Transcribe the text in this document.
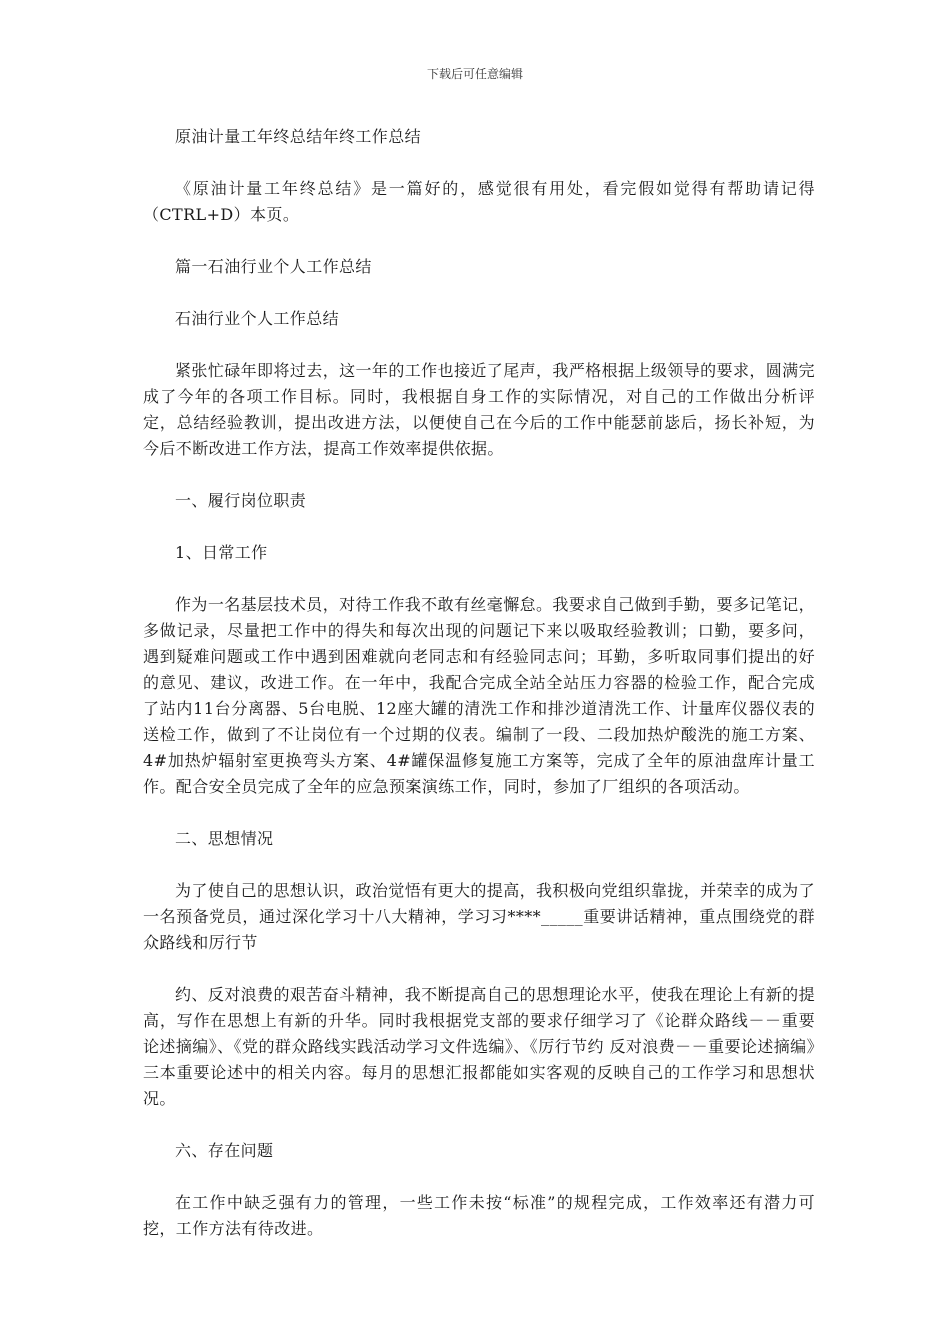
下载后可任意编辑

原油计量工年终总结年终工作总结

《原油计量工年终总结》是一篇好的，感觉很有用处，看完假如觉得有帮助请记得（CTRL+D）本页。

篇一石油行业个人工作总结

石油行业个人工作总结

紧张忙碌年即将过去，这一年的工作也接近了尾声，我严格根据上级领导的要求，圆满完成了今年的各项工作目标。同时，我根据自身工作的实际情况，对自己的工作做出分析评定，总结经验教训，提出改进方法，以便使自己在今后的工作中能瑟前毖后，扬长补短，为今后不断改进工作方法，提高工作效率提供依据。

一、履行岗位职责

1、日常工作

作为一名基层技术员，对待工作我不敢有丝毫懈怠。我要求自己做到手勤，要多记笔记，多做记录，尽量把工作中的得失和每次出现的问题记下来以吸取经验教训；口勤，要多问，遇到疑难问题或工作中遇到困难就向老同志和有经验同志问；耳勤，多听取同事们提出的好的意见、建议，改进工作。在一年中，我配合完成全站全站压力容器的检验工作，配合完成了站内11台分离器、5台电脱、12座大罐的清洗工作和排沙道清洗工作、计量库仪器仪表的送检工作，做到了不让岗位有一个过期的仪表。编制了一段、二段加热炉酸洗的施工方案、4#加热炉辐射室更换弯头方案、4#罐保温修复施工方案等，完成了全年的原油盘库计量工作。配合安全员完成了全年的应急预案演练工作，同时，参加了厂组织的各项活动。

二、思想情况

为了使自己的思想认识，政治觉悟有更大的提高，我积极向党组织靠拢，并荣幸的成为了一名预备党员，通过深化学习十八大精神，学习习****_____重要讲话精神，重点围绕党的群众路线和厉行节

约、反对浪费的艰苦奋斗精神，我不断提高自己的思想理论水平，使我在理论上有新的提高，写作在思想上有新的升华。同时我根据党支部的要求仔细学习了《论群众路线－－重要论述摘编》、《党的群众路线实践活动学习文件选编》、《厉行节约 反对浪费－－重要论述摘编》三本重要论述中的相关内容。每月的思想汇报都能如实客观的反映自己的工作学习和思想状况。

六、存在问题

在工作中缺乏强有力的管理，一些工作未按“标准”的规程完成，工作效率还有潜力可挖，工作方法有待改进。
